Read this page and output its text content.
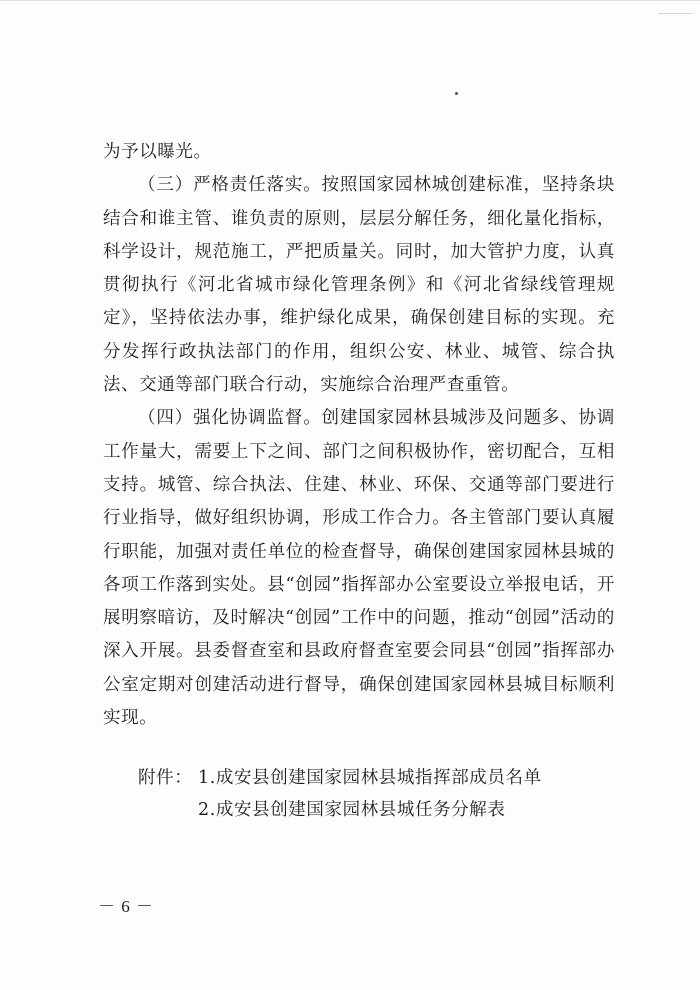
为予以曝光。

（三）严格责任落实。按照国家园林城创建标准，坚持条块结合和谁主管、谁负责的原则，层层分解任务，细化量化指标，科学设计，规范施工，严把质量关。同时，加大管护力度，认真贯彻执行《河北省城市绿化管理条例》和《河北省绿线管理规定》，坚持依法办事，维护绿化成果，确保创建目标的实现。充分发挥行政执法部门的作用，组织公安、林业、城管、综合执法、交通等部门联合行动，实施综合治理严查重管。

（四）强化协调监督。创建国家园林县城涉及问题多、协调工作量大，需要上下之间、部门之间积极协作，密切配合，互相支持。城管、综合执法、住建、林业、环保、交通等部门要进行行业指导，做好组织协调，形成工作合力。各主管部门要认真履行职能，加强对责任单位的检查督导，确保创建国家园林县城的各项工作落到实处。县“创园”指挥部办公室要设立举报电话，开展明察暗访，及时解决“创园”工作中的问题，推动“创园”活动的深入开展。县委督查室和县政府督查室要会同县“创园”指挥部办公室定期对创建活动进行督导，确保创建国家园林县城目标顺利实现。

附件： 1.成安县创建国家园林县城指挥部成员名单
2.成安县创建国家园林县城任务分解表
－ 6 －
